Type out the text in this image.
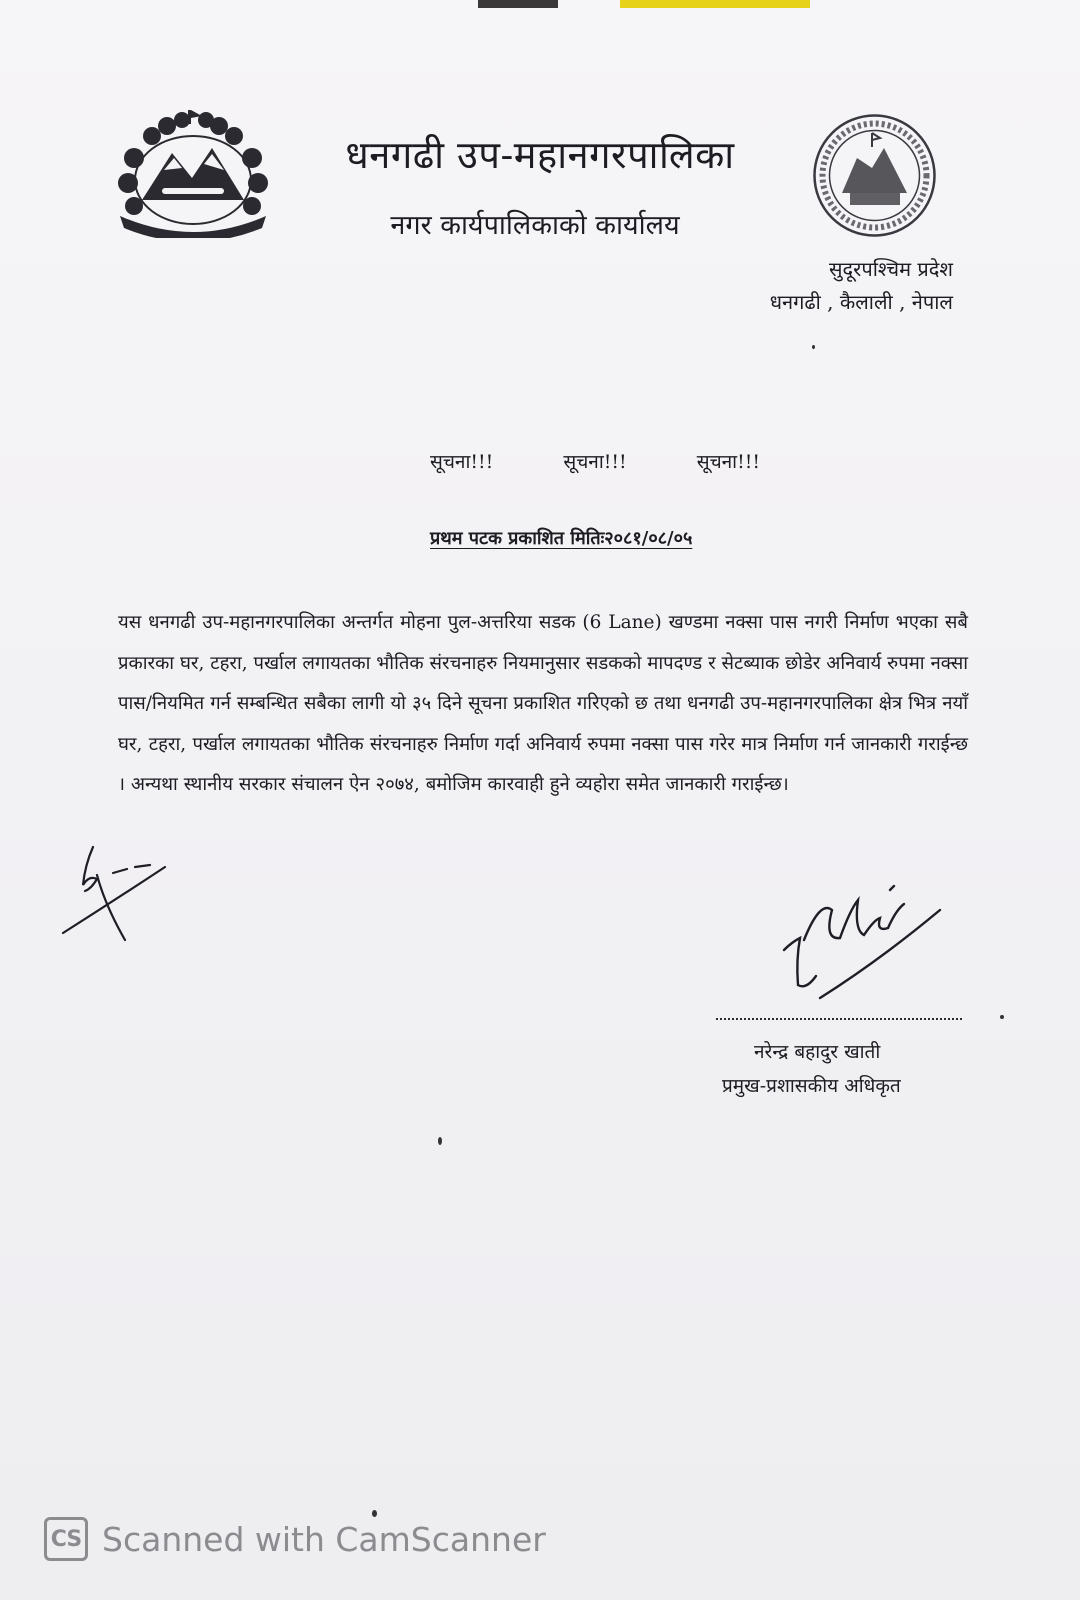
धनगढी उप-महानगरपालिका
नगर कार्यपालिकाको कार्यालय
सुदूरपश्चिम प्रदेश
धनगढी , कैलाली , नेपाल
सूचना!!!	सूचना!!!	सूचना!!!
प्रथम पटक प्रकाशित मितिः२०८१/०८/०५
यस धनगढी उप-महानगरपालिका अन्तर्गत मोहना पुल-अत्तरिया सडक (6 Lane) खण्डमा नक्सा पास नगरी निर्माण भएका सबै प्रकारका घर, टहरा, पर्खाल लगायतका भौतिक संरचनाहरु नियमानुसार सडकको मापदण्ड र सेटब्याक छोडेर अनिवार्य रुपमा नक्सा पास/नियमित गर्न सम्बन्धित सबैका लागी यो ३५ दिने सूचना प्रकाशित गरिएको छ तथा धनगढी उप-महानगरपालिका क्षेत्र भित्र नयाँ घर, टहरा, पर्खाल लगायतका भौतिक संरचनाहरु निर्माण गर्दा अनिवार्य रुपमा नक्सा पास गरेर मात्र निर्माण गर्न जानकारी गराईन्छ । अन्यथा स्थानीय सरकार संचालन ऐन २०७४, बमोजिम कारवाही हुने व्यहोरा समेत जानकारी गराईन्छ।
नरेन्द्र बहादुर खाती
प्रमुख-प्रशासकीय अधिकृत
CS Scanned with CamScanner
